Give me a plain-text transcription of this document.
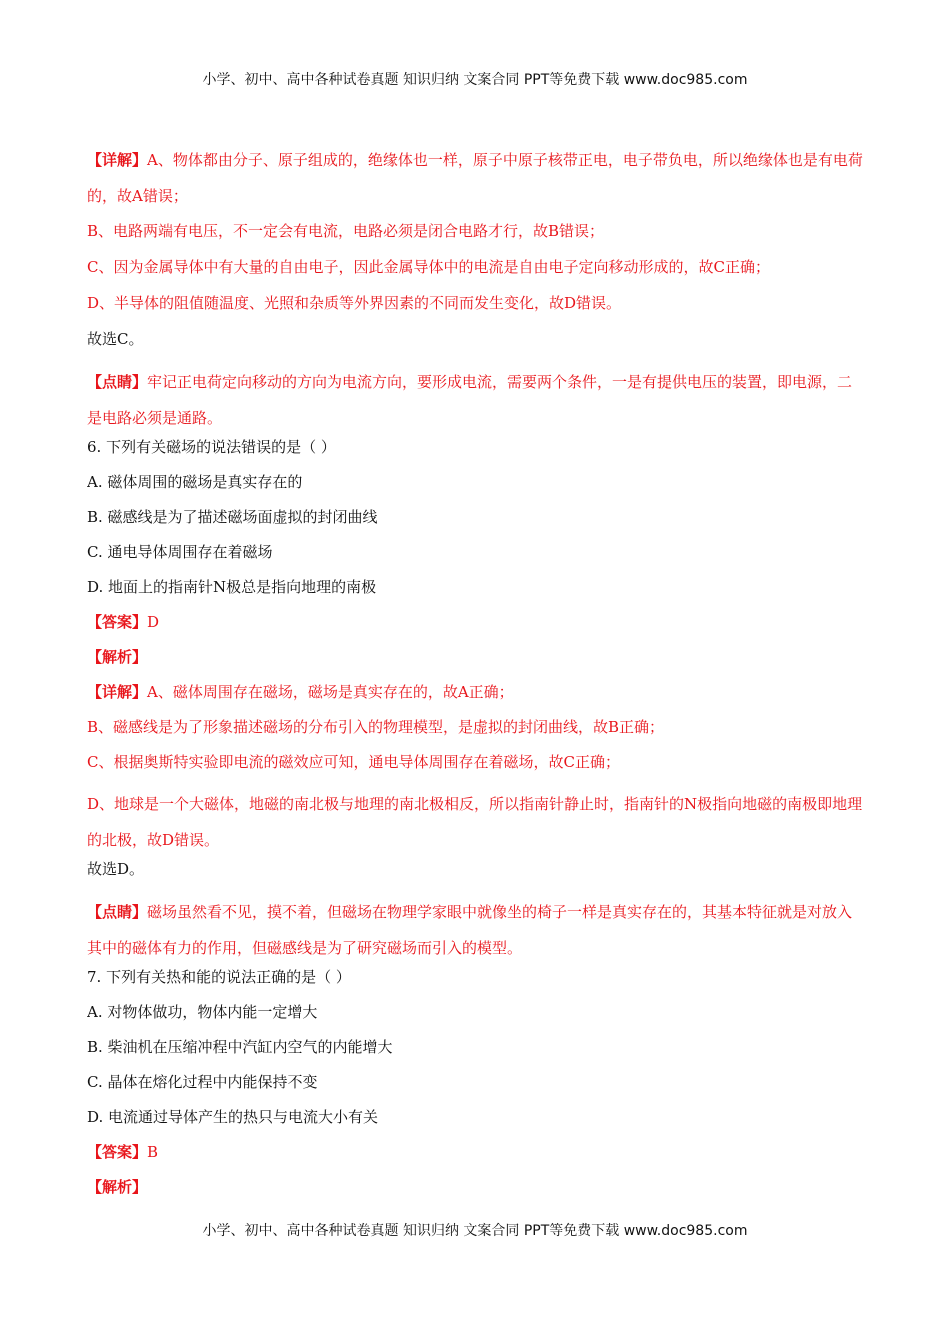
小学、初中、高中各种试卷真题 知识归纳 文案合同 PPT等免费下载 www.doc985.com
【详解】A、物体都由分子、原子组成的，绝缘体也一样，原子中原子核带正电，电子带负电，所以绝缘体也是有电荷的，故A错误；
B、电路两端有电压，不一定会有电流，电路必须是闭合电路才行，故B错误；
C、因为金属导体中有大量的自由电子，因此金属导体中的电流是自由电子定向移动形成的，故C正确；
D、半导体的阻值随温度、光照和杂质等外界因素的不同而发生变化，故D错误。
故选C。
【点睛】牢记正电荷定向移动的方向为电流方向，要形成电流，需要两个条件，一是有提供电压的装置，即电源，二是电路必须是通路。
6. 下列有关磁场的说法错误的是（ ）
A. 磁体周围的磁场是真实存在的
B. 磁感线是为了描述磁场面虚拟的封闭曲线
C. 通电导体周围存在着磁场
D. 地面上的指南针N极总是指向地理的南极
【答案】D
【解析】
【详解】A、磁体周围存在磁场，磁场是真实存在的，故A正确；
B、磁感线是为了形象描述磁场的分布引入的物理模型，是虚拟的封闭曲线，故B正确；
C、根据奥斯特实验即电流的磁效应可知，通电导体周围存在着磁场，故C正确；
D、地球是一个大磁体，地磁的南北极与地理的南北极相反，所以指南针静止时，指南针的N极指向地磁的南极即地理的北极，故D错误。
故选D。
【点睛】磁场虽然看不见，摸不着，但磁场在物理学家眼中就像坐的椅子一样是真实存在的，其基本特征就是对放入其中的磁体有力的作用，但磁感线是为了研究磁场而引入的模型。
7. 下列有关热和能的说法正确的是（ ）
A. 对物体做功，物体内能一定增大
B. 柴油机在压缩冲程中汽缸内空气的内能增大
C. 晶体在熔化过程中内能保持不变
D. 电流通过导体产生的热只与电流大小有关
【答案】B
【解析】
小学、初中、高中各种试卷真题 知识归纳 文案合同 PPT等免费下载 www.doc985.com
